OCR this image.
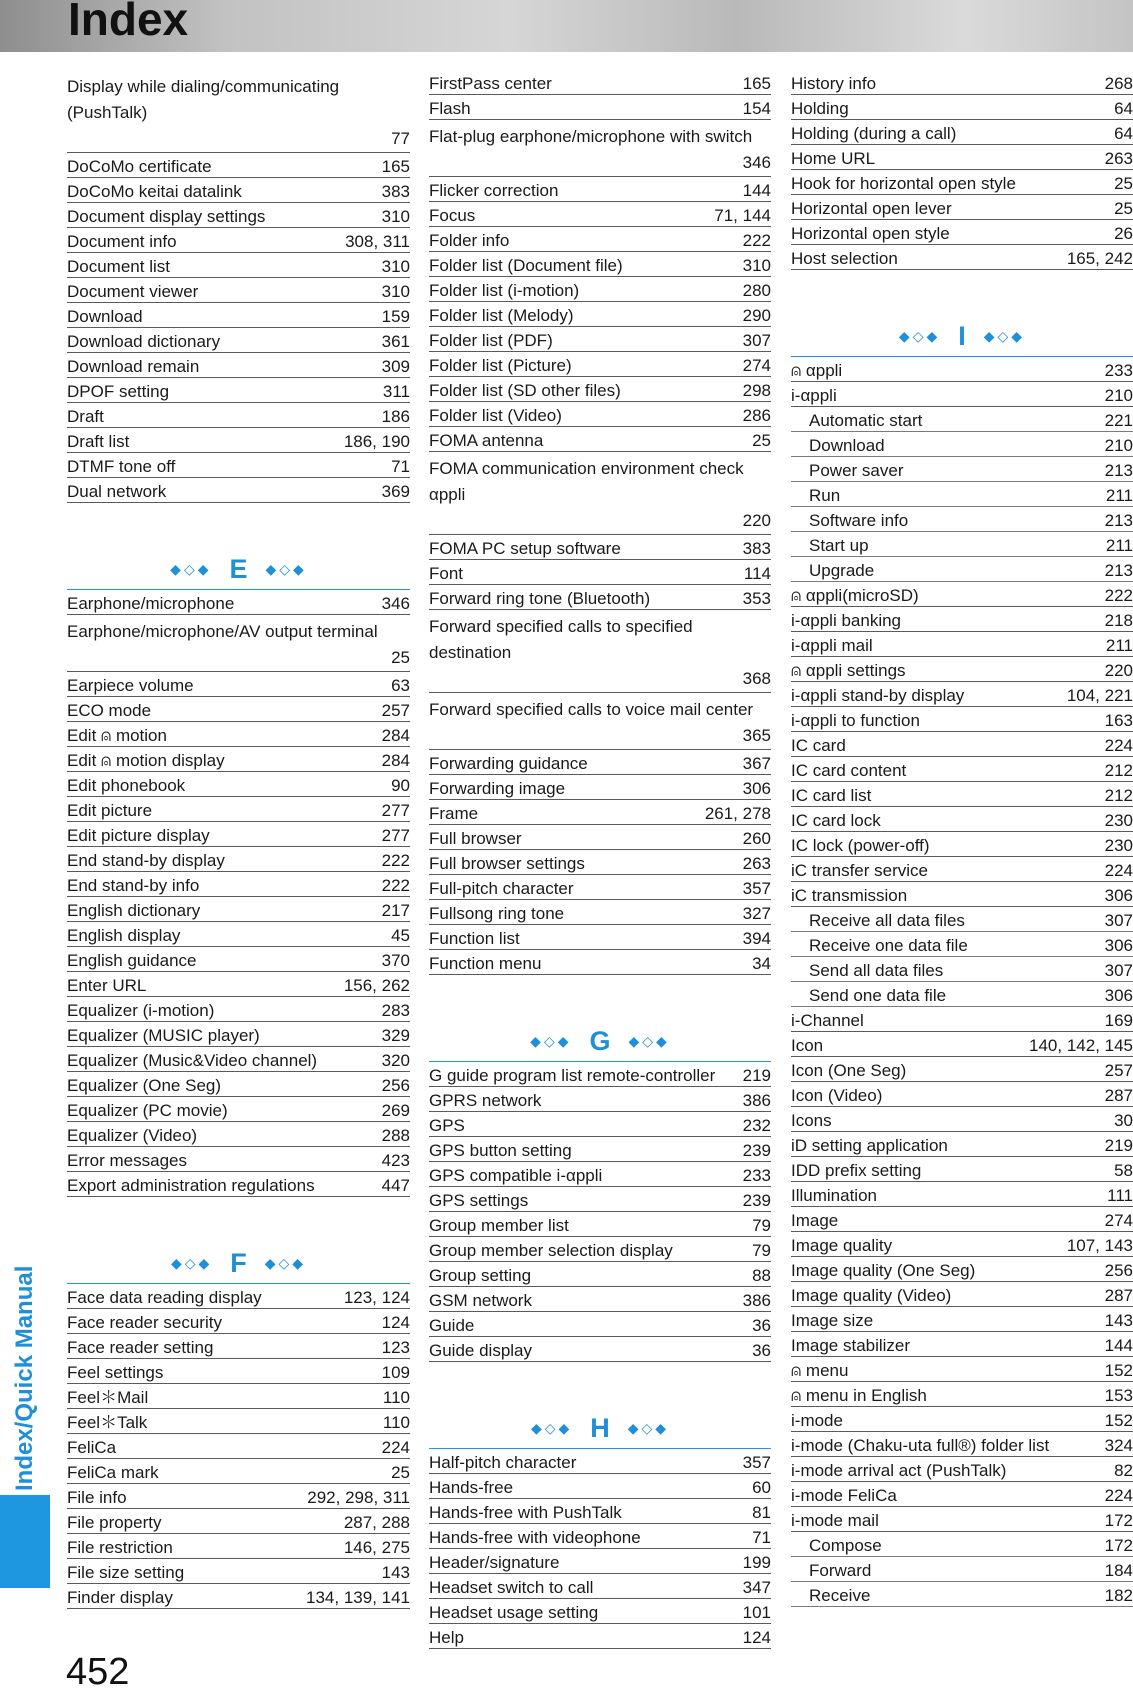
Index
Index/Quick Manual
Display while dialing/communicating (PushTalk)
77
DoCoMo certificate	165
DoCoMo keitai datalink	383
Document display settings	310
Document info	308, 311
Document list	310
Document viewer	310
Download	159
Download dictionary	361
Download remain	309
DPOF setting	311
Draft	186
Draft list	186, 190
DTMF tone off	71
Dual network	369
◆◇◆ E ◆◇◆
Earphone/microphone	346
Earphone/microphone/AV output terminal
25
Earpiece volume	63
ECO mode	257
Edit ⍝ motion	284
Edit ⍝ motion display	284
Edit phonebook	90
Edit picture	277
Edit picture display	277
End stand-by display	222
End stand-by info	222
English dictionary	217
English display	45
English guidance	370
Enter URL	156, 262
Equalizer (i-motion)	283
Equalizer (MUSIC player)	329
Equalizer (Music&Video channel)	320
Equalizer (One Seg)	256
Equalizer (PC movie)	269
Equalizer (Video)	288
Error messages	423
Export administration regulations	447
◆◇◆ F ◆◇◆
Face data reading display	123, 124
Face reader security	124
Face reader setting	123
Feel settings	109
Feel＊Mail	110
Feel＊Talk	110
FeliCa	224
FeliCa mark	25
File info	292, 298, 311
File property	287, 288
File restriction	146, 275
File size setting	143
Finder display	134, 139, 141
FirstPass center	165
Flash	154
Flat-plug earphone/microphone with switch
346
Flicker correction	144
Focus	71, 144
Folder info	222
Folder list (Document file)	310
Folder list (i-motion)	280
Folder list (Melody)	290
Folder list (PDF)	307
Folder list (Picture)	274
Folder list (SD other files)	298
Folder list (Video)	286
FOMA antenna	25
FOMA communication environment check αppli
220
FOMA PC setup software	383
Font	114
Forward ring tone (Bluetooth)	353
Forward specified calls to specified destination
368
Forward specified calls to voice mail center
365
Forwarding guidance	367
Forwarding image	306
Frame	261, 278
Full browser	260
Full browser settings	263
Full-pitch character	357
Fullsong ring tone	327
Function list	394
Function menu	34
◆◇◆ G ◆◇◆
G guide program list remote-controller	219
GPRS network	386
GPS	232
GPS button setting	239
GPS compatible i-αppli	233
GPS settings	239
Group member list	79
Group member selection display	79
Group setting	88
GSM network	386
Guide	36
Guide display	36
◆◇◆ H ◆◇◆
Half-pitch character	357
Hands-free	60
Hands-free with PushTalk	81
Hands-free with videophone	71
Header/signature	199
Headset switch to call	347
Headset usage setting	101
Help	124
History info	268
Holding	64
Holding (during a call)	64
Home URL	263
Hook for horizontal open style	25
Horizontal open lever	25
Horizontal open style	26
Host selection	165, 242
◆◇◆ I ◆◇◆
⍝ αppli	233
i-αppli	210
Automatic start	221
Download	210
Power saver	213
Run	211
Software info	213
Start up	211
Upgrade	213
⍝ αppli(microSD)	222
i-αppli banking	218
i-αppli mail	211
⍝ αppli settings	220
i-αppli stand-by display	104, 221
i-αppli to function	163
IC card	224
IC card content	212
IC card list	212
IC card lock	230
IC lock (power-off)	230
iC transfer service	224
iC transmission	306
Receive all data files	307
Receive one data file	306
Send all data files	307
Send one data file	306
i-Channel	169
Icon	140, 142, 145
Icon (One Seg)	257
Icon (Video)	287
Icons	30
iD setting application	219
IDD prefix setting	58
Illumination	111
Image	274
Image quality	107, 143
Image quality (One Seg)	256
Image quality (Video)	287
Image size	143
Image stabilizer	144
⍝ menu	152
⍝ menu in English	153
i-mode	152
i-mode (Chaku-uta full®) folder list	324
i-mode arrival act (PushTalk)	82
i-mode FeliCa	224
i-mode mail	172
Compose	172
Forward	184
Receive	182
452
